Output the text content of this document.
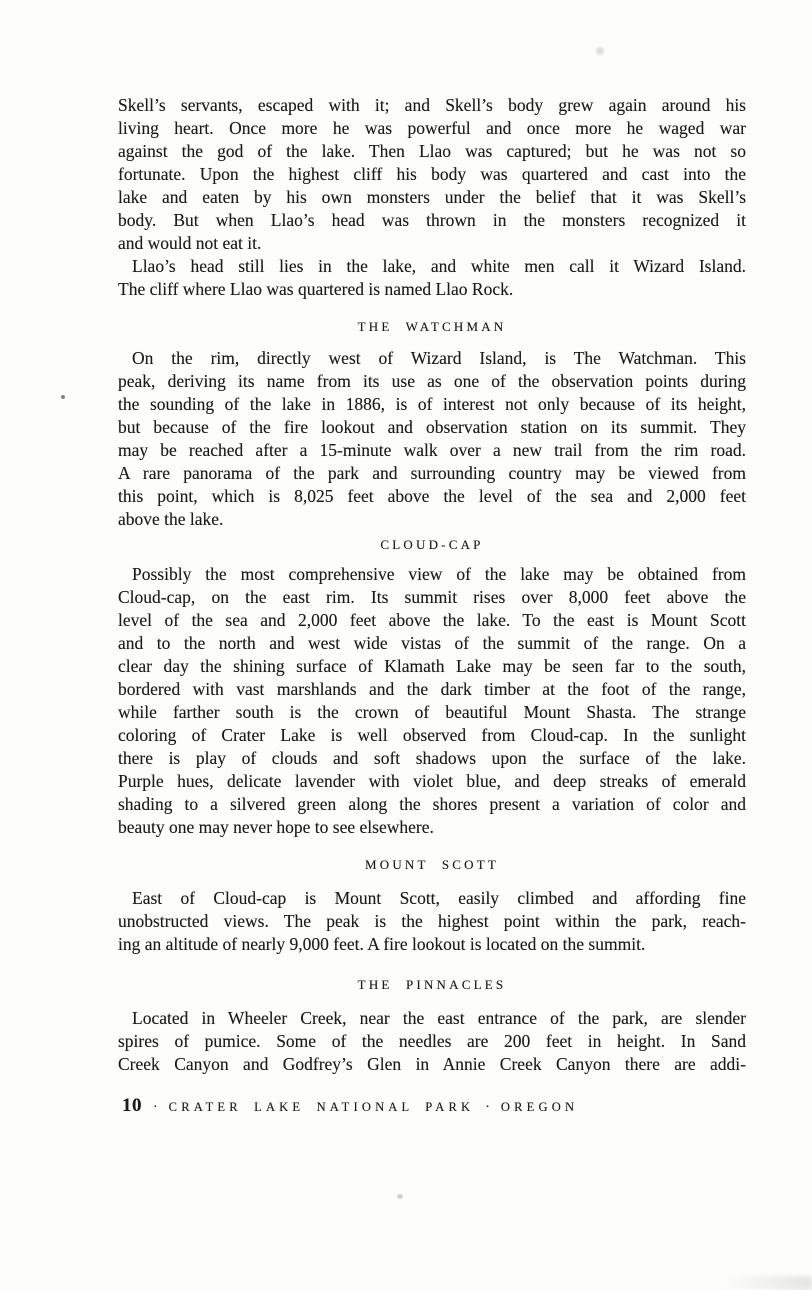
Skell’s servants, escaped with it; and Skell’s body grew again around his
living heart. Once more he was powerful and once more he waged war
against the god of the lake. Then Llao was captured; but he was not so
fortunate. Upon the highest cliff his body was quartered and cast into the
lake and eaten by his own monsters under the belief that it was Skell’s
body. But when Llao’s head was thrown in the monsters recognized it
and would not eat it.
Llao’s head still lies in the lake, and white men call it Wizard Island.
The cliff where Llao was quartered is named Llao Rock.
THE WATCHMAN
On the rim, directly west of Wizard Island, is The Watchman. This
peak, deriving its name from its use as one of the observation points during
the sounding of the lake in 1886, is of interest not only because of its height,
but because of the fire lookout and observation station on its summit. They
may be reached after a 15-minute walk over a new trail from the rim road.
A rare panorama of the park and surrounding country may be viewed from
this point, which is 8,025 feet above the level of the sea and 2,000 feet
above the lake.
CLOUD-CAP
Possibly the most comprehensive view of the lake may be obtained from
Cloud-cap, on the east rim. Its summit rises over 8,000 feet above the
level of the sea and 2,000 feet above the lake. To the east is Mount Scott
and to the north and west wide vistas of the summit of the range. On a
clear day the shining surface of Klamath Lake may be seen far to the south,
bordered with vast marshlands and the dark timber at the foot of the range,
while farther south is the crown of beautiful Mount Shasta. The strange
coloring of Crater Lake is well observed from Cloud-cap. In the sunlight
there is play of clouds and soft shadows upon the surface of the lake.
Purple hues, delicate lavender with violet blue, and deep streaks of emerald
shading to a silvered green along the shores present a variation of color and
beauty one may never hope to see elsewhere.
MOUNT SCOTT
East of Cloud-cap is Mount Scott, easily climbed and affording fine
unobstructed views. The peak is the highest point within the park, reach-
ing an altitude of nearly 9,000 feet. A fire lookout is located on the summit.
THE PINNACLES
Located in Wheeler Creek, near the east entrance of the park, are slender
spires of pumice. Some of the needles are 200 feet in height. In Sand
Creek Canyon and Godfrey’s Glen in Annie Creek Canyon there are addi-
10 · CRATER LAKE NATIONAL PARK · OREGON
